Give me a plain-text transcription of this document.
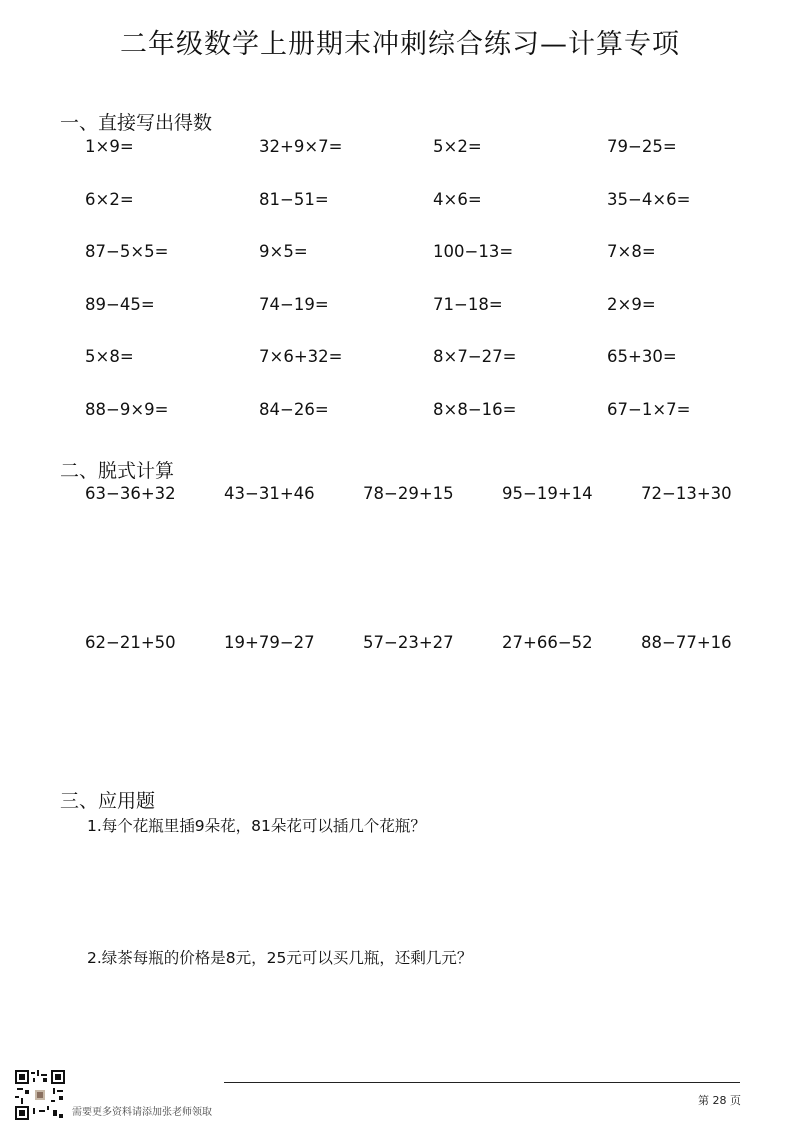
二年级数学上册期末冲刺综合练习—计算专项
一、直接写出得数
1×9=	32+9×7=	5×2=	79−25=
6×2=	81−51=	4×6=	35−4×6=
87−5×5=	9×5=	100−13=	7×8=
89−45=	74−19=	71−18=	2×9=
5×8=	7×6+32=	8×7−27=	65+30=
88−9×9=	84−26=	8×8−16=	67−1×7=
二、脱式计算
63−36+32	43−31+46	78−29+15	95−19+14	72−13+30
62−21+50	19+79−27	57−23+27	27+66−52	88−77+16
三、应用题
1.每个花瓶里插9朵花，81朵花可以插几个花瓶？
2.绿茶每瓶的价格是8元，25元可以买几瓶，还剩几元？
需要更多资料请添加张老师领取
第 28 页
